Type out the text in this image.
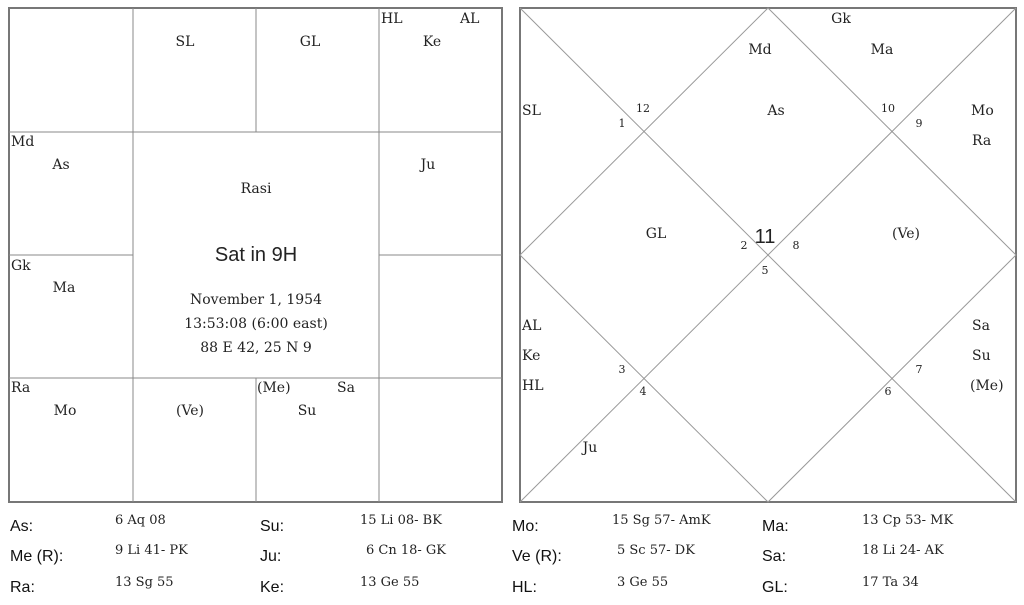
SL	GL
HL	AL
Ke
Md
As	Ju
Gk
Ma
Ra
Mo	(Ve)
(Me)	Sa
Su
Rasi
Sat in 9H
November 1, 1954
13:53:08 (6:00 east)
88 E 42, 25 N 9
Gk
Md	Ma
As
SL	Mo
Ra
GL	(Ve)
AL
Ke
HL
Sa
Su
(Me)
Ju
12
1
10
9
11
2	8
5
3
4
7
6
As:	6 Aq 08
Me (R):	9 Li 41- PK
Ra:	13 Sg 55
Su:	15 Li 08- BK
Ju:	6 Cn 18- GK
Ke:	13 Ge 55
Mo:	15 Sg 57- AmK
Ve (R):	5 Sc 57- DK
HL:	3 Ge 55
Ma:	13 Cp 53- MK
Sa:	18 Li 24- AK
GL:	17 Ta 34
